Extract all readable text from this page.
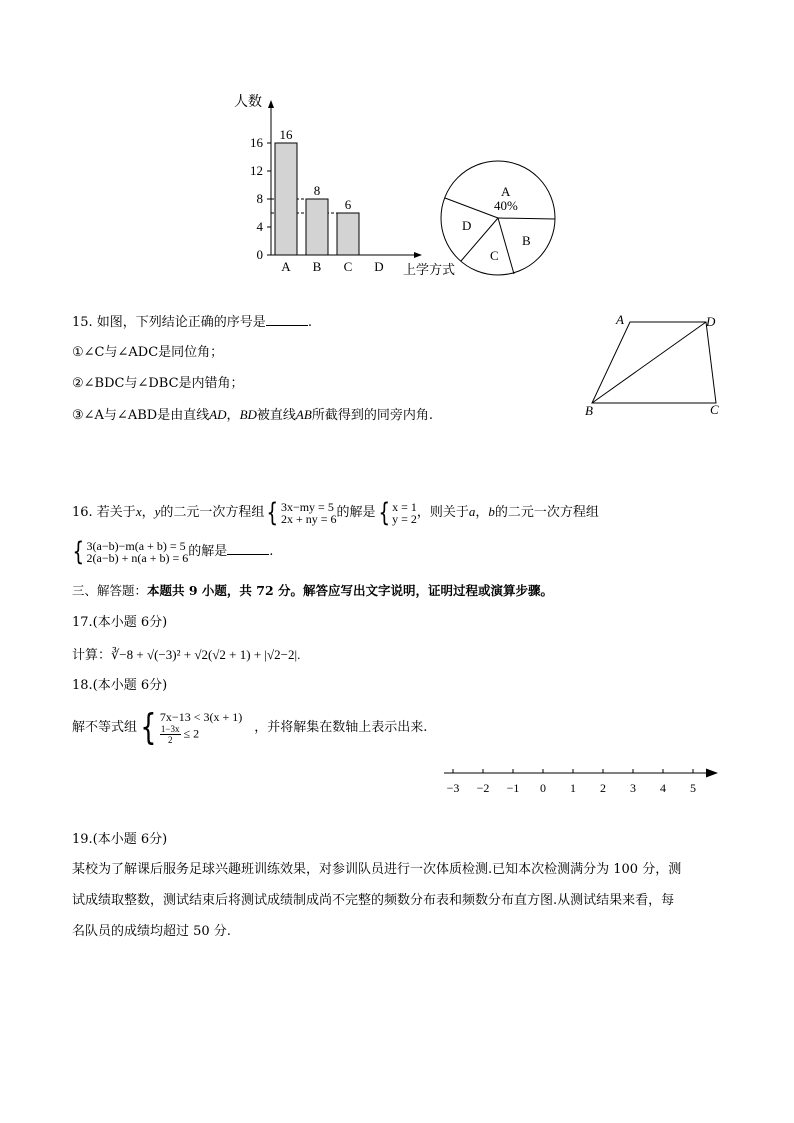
人数
上学方式
0
4
8
12
16
16
8
6
A B C D
A
40%
B
C
D
15. 如图，下列结论正确的序号是	.
①∠C与∠ADC是同位角；
②∠BDC与∠DBC是内错角；
③∠A与∠ABD是由直线AD，BD被直线AB所截得到的同旁内角.
A	D
B	C
16. 若关于x，y的二元一次方程组 { 3x−my = 5
2x + ny = 6 的解是 { x = 1
y = 2 ，则关于a，b的二元一次方程组
{ 3(a−b)−m(a + b) = 5
2(a−b) + n(a + b) = 6 的解是	.
三、解答题：本题共 9 小题，共 72 分。解答应写出文字说明，证明过程或演算步骤。
17.(本小题 6分)
计算：∛−8 + √(−3)² + √2(√2 + 1) + |√2−2|.
18.(本小题 6分)
解不等式组 { 7x−13 < 3(x + 1)
$\frac{1-3x}{2} \le 2$	，并将解集在数轴上表示出来.
−3 −2 −1 0 1 2 3 4 5
19.(本小题 6分)
某校为了解课后服务足球兴趣班训练效果，对参训队员进行一次体质检测.已知本次检测满分为 100 分，测
试成绩取整数，测试结束后将测试成绩制成尚不完整的频数分布表和频数分布直方图.从测试结果来看，每
名队员的成绩均超过 50 分.
